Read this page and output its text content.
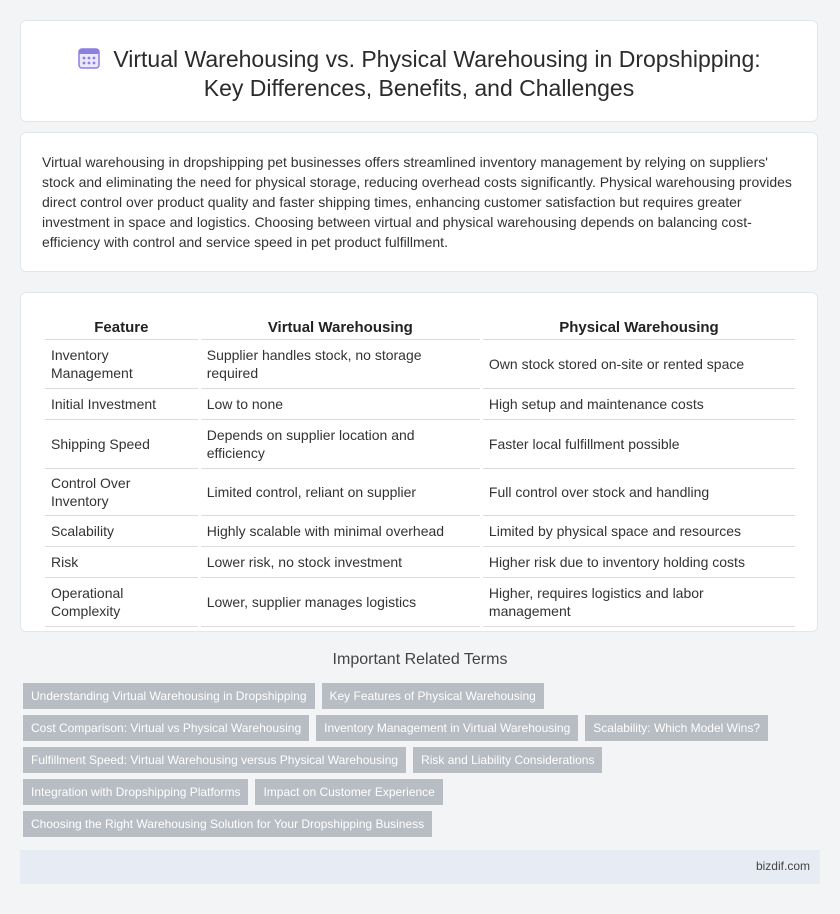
Virtual Warehousing vs. Physical Warehousing in Dropshipping:
Key Differences, Benefits, and Challenges

Virtual warehousing in dropshipping pet businesses offers streamlined inventory management by relying on suppliers' stock and eliminating the need for physical storage, reducing overhead costs significantly. Physical warehousing provides direct control over product quality and faster shipping times, enhancing customer satisfaction but requires greater investment in space and logistics. Choosing between virtual and physical warehousing depends on balancing cost-efficiency with control and service speed in pet product fulfillment.

Feature	Virtual Warehousing	Physical Warehousing
Inventory Management	Supplier handles stock, no storage required	Own stock stored on-site or rented space
Initial Investment	Low to none	High setup and maintenance costs
Shipping Speed	Depends on supplier location and efficiency	Faster local fulfillment possible
Control Over Inventory	Limited control, reliant on supplier	Full control over stock and handling
Scalability	Highly scalable with minimal overhead	Limited by physical space and resources
Risk	Lower risk, no stock investment	Higher risk due to inventory holding costs
Operational Complexity	Lower, supplier manages logistics	Higher, requires logistics and labor management
Important Related Terms
Understanding Virtual Warehousing in Dropshipping	Key Features of Physical Warehousing
Cost Comparison: Virtual vs Physical Warehousing	Inventory Management in Virtual Warehousing	Scalability: Which Model Wins?
Fulfillment Speed: Virtual Warehousing versus Physical Warehousing	Risk and Liability Considerations
Integration with Dropshipping Platforms	Impact on Customer Experience
Choosing the Right Warehousing Solution for Your Dropshipping Business
bizdif.com
